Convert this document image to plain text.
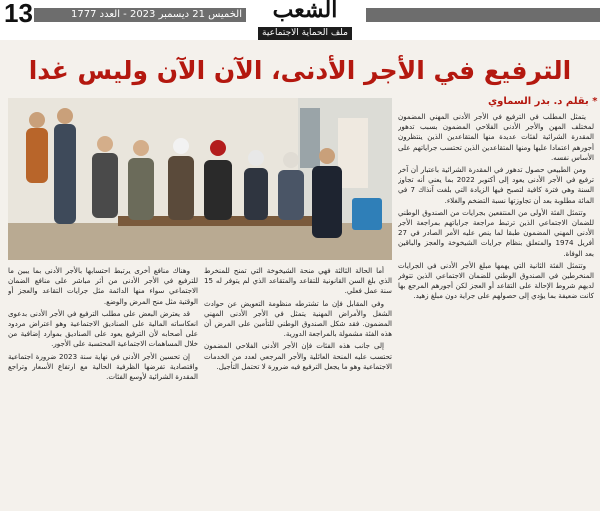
13	الخميس 21 ديسمبر 2023 - العدد 1777	الشعب
ملف الحماية الاجتماعية
الترفيع في الأجر الأدنى، الآن الآن وليس غدا
* بقلم د. بدر السماوي

يتمثل المطلب في الترفيع في الأجر الأدنى المهني المضمون لمختلف المهن والأجر الأدنى الفلاحي المضمون بسبب تدهور المقدرة الشرائية لفئات عديدة منها المتقاعدين الذين ينتظرون أجورهم اعتمادا عليها ومنها المتقاعدين الذين تحتسب جراياتهم على الأساس نفسه.

ومن الطبيعي حصول تدهور في المقدرة الشرائية باعتبار أن آخر ترفيع في الأجر الأدنى يعود إلى أكتوبر 2022 بما يعني أنه تجاوز السنة وهي فترة كافية لتصبح فيها الزيادة التي بلغت آنذاك 7 في المائة مطلوبة بعد أن تجاوزتها نسبة التضخم والغلاء.

وتتمثل الفئة الأولى من المنتفعين بجرايات من الصندوق الوطني للضمان الاجتماعي الذين ترتبط مراجعة جراياتهم بمراجعة الأجر الأدنى المهني المضمون طبقا لما ينص عليه الأمر الصادر في 27 أفريل 1974 والمتعلق بنظام جرايات الشيخوخة والعجز والباقين بعد الوفاة.

وتتمثل الفئة الثانية التي يهمها مبلغ الأجر الأدنى في الجرايات المنخرطين في الصندوق الوطني للضمان الاجتماعي الذين تتوفر لديهم شروط الإحالة على التقاعد أو العجز لكن أجورهم المرجع بها كانت ضعيفة بما يؤدي إلى حصولهم على جراية دون مبلغ زهيد.

أما الحالة الثالثة فهي منحة الشيخوخة التي تمنح للمنخرط الذي بلغ السن القانونية للتقاعد والمتقاعد الذي لم يتوفر له 15 سنة عمل فعلي.

وفي المقابل فإن ما تشترطه منظومة التعويض عن حوادث الشغل والأمراض المهنية يتمثل في الأجر الأدنى المهني المضمون. فقد شكل الصندوق الوطني للتأمين على المرض أن هذه الفئة مشمولة بالمراجعة الدورية.

إلى جانب هذه الفئات فإن الأجر الأدنى الفلاحي المضمون تحتسب عليه المنحة العائلية والأجر المرجعي لعدد من الخدمات الاجتماعية وهو ما يجعل الترفيع فيه ضرورة لا تحتمل التأجيل.

وهناك منافع أخرى يرتبط احتسابها بالأجر الأدنى بما يبين ما للترفيع في الأجر الأدنى من أثر مباشر على منافع الضمان الاجتماعي سواء منها الدائمة مثل جرايات التقاعد والعجز أو الوقتية مثل منح المرض والوضع.

قد يعترض البعض على مطلب الترفيع في الأجر الأدنى بدعوى انعكاساته المالية على الصناديق الاجتماعية وهو اعتراض مردود على أصحابه لأن الترفيع يعود على الصناديق بموارد إضافية من خلال المساهمات الاجتماعية المحتسبة على الأجور.

إن تحسين الأجر الأدنى في نهاية سنة 2023 ضرورة اجتماعية واقتصادية تفرضها الظرفية الحالية مع ارتفاع الأسعار وتراجع المقدرة الشرائية لأوسع الفئات.
